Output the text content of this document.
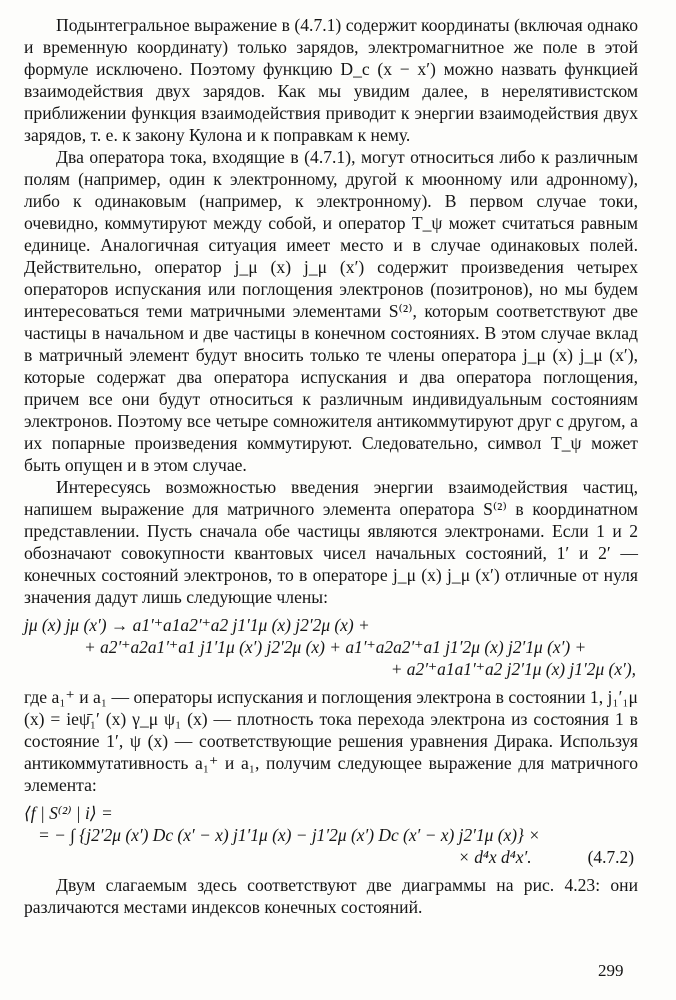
Подынтегральное выражение в (4.7.1) содержит координаты (включая однако и временную координату) только зарядов, электромагнитное же поле в этой формуле исключено. Поэтому функцию D_c (x − x′) можно назвать функцией взаимодействия двух зарядов. Как мы увидим далее, в нерелятивистском приближении функция взаимодействия приводит к энергии взаимодействия двух зарядов, т. е. к закону Кулона и к поправкам к нему.

Два оператора тока, входящие в (4.7.1), могут относиться либо к различным полям (например, один к электронному, другой к мюонному или адронному), либо к одинаковым (например, к электронному). В первом случае токи, очевидно, коммутируют между собой, и оператор T_ψ может считаться равным единице. Аналогичная ситуация имеет место и в случае одинаковых полей. Действительно, оператор j_μ (x) j_μ (x′) содержит произведения четырех операторов испускания или поглощения электронов (позитронов), но мы будем интересоваться теми матричными элементами S⁽²⁾, которым соответствуют две частицы в начальном и две частицы в конечном состояниях. В этом случае вклад в матричный элемент будут вносить только те члены оператора j_μ (x) j_μ (x′), которые содержат два оператора испускания и два оператора поглощения, причем все они будут относиться к различным индивидуальным состояниям электронов. Поэтому все четыре сомножителя антикоммутируют друг с другом, а их попарные произведения коммутируют. Следовательно, символ T_ψ может быть опущен и в этом случае.

Интересуясь возможностью введения энергии взаимодействия частиц, напишем выражение для матричного элемента оператора S⁽²⁾ в координатном представлении. Пусть сначала обе частицы являются электронами. Если 1 и 2 обозначают совокупности квантовых чисел начальных состояний, 1′ и 2′ — конечных состояний электронов, то в операторе j_μ (x) j_μ (x′) отличные от нуля значения дадут лишь следующие члены:

jμ (x) jμ (x′) → a1′⁺a1a2′⁺a2 j1′1μ (x) j2′2μ (x) +
+ a2′⁺a2a1′⁺a1 j1′1μ (x′) j2′2μ (x) + a1′⁺a2a2′⁺a1 j1′2μ (x) j2′1μ (x′) +
+ a2′⁺a1a1′⁺a2 j2′1μ (x) j1′2μ (x′),

где a₁⁺ и a₁ — операторы испускания и поглощения электрона в состоянии 1, j₁′₁μ (x) = ieψ̄₁′ (x) γ_μ ψ₁ (x) — плотность тока перехода электрона из состояния 1 в состояние 1′, ψ (x) — соответствующие решения уравнения Дирака. Используя антикоммутативность a₁⁺ и a₁, получим следующее выражение для матричного элемента:

⟨f | S⁽²⁾ | i⟩ =
= − ∫ {j2′2μ (x′) Dc (x′ − x) j1′1μ (x) − j1′2μ (x′) Dc (x′ − x) j2′1μ (x)} ×
× d⁴x d⁴x′.	(4.7.2)

Двум слагаемым здесь соответствуют две диаграммы на рис. 4.23: они различаются местами индексов конечных состояний.

299
